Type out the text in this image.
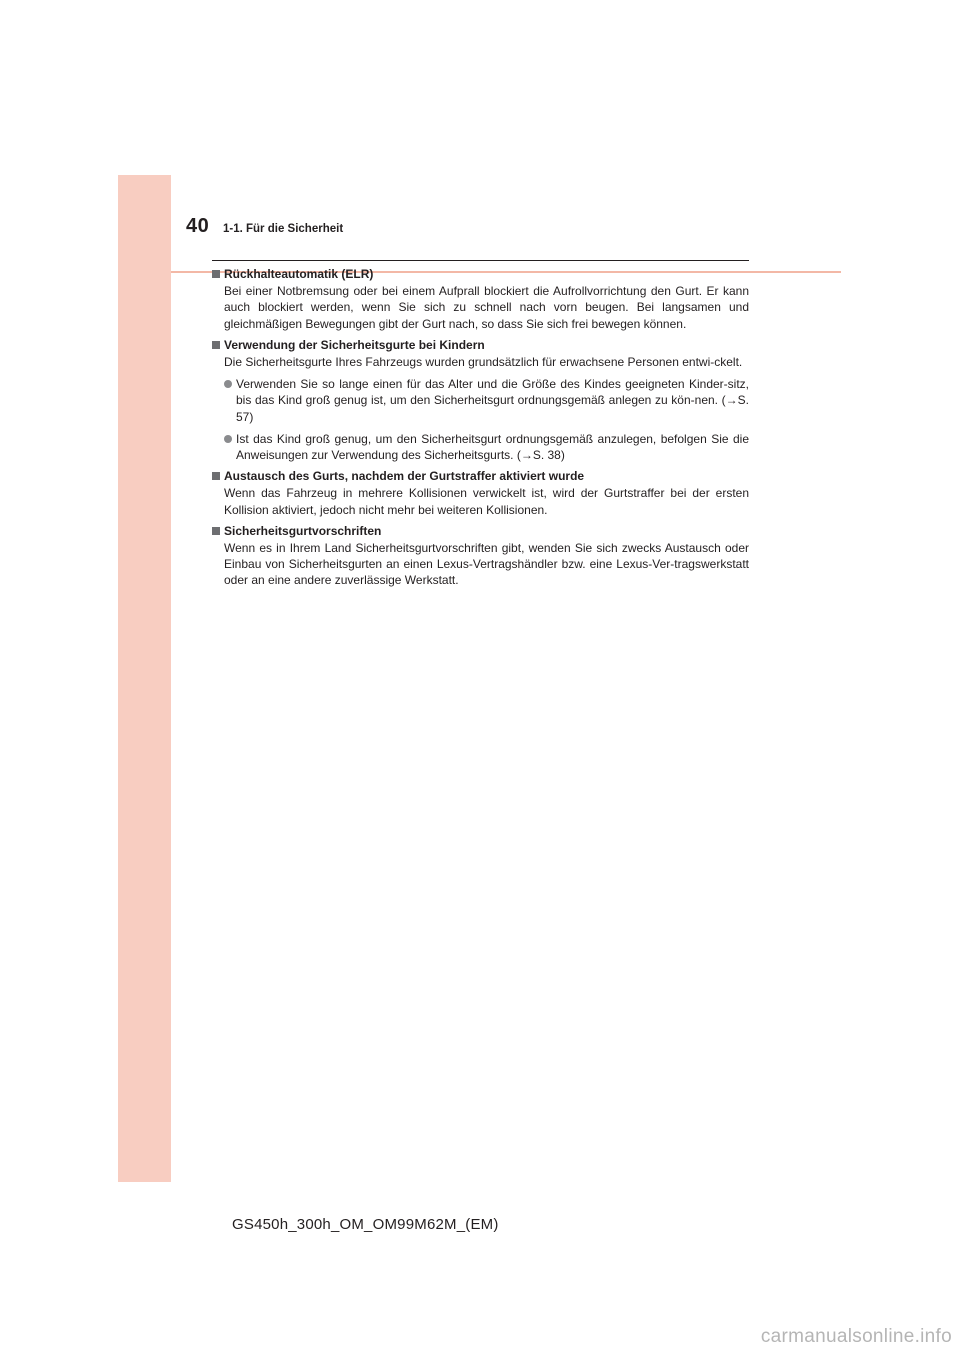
40 1-1. Für die Sicherheit
Rückhalteautomatik (ELR)
Bei einer Notbremsung oder bei einem Aufprall blockiert die Aufrollvorrichtung den Gurt. Er kann auch blockiert werden, wenn Sie sich zu schnell nach vorn beugen. Bei langsamen und gleichmäßigen Bewegungen gibt der Gurt nach, so dass Sie sich frei bewegen können.
Verwendung der Sicherheitsgurte bei Kindern
Die Sicherheitsgurte Ihres Fahrzeugs wurden grundsätzlich für erwachsene Personen entwi-ckelt.
Verwenden Sie so lange einen für das Alter und die Größe des Kindes geeigneten Kinder-sitz, bis das Kind groß genug ist, um den Sicherheitsgurt ordnungsgemäß anlegen zu kön-nen. (→S. 57)
Ist das Kind groß genug, um den Sicherheitsgurt ordnungsgemäß anzulegen, befolgen Sie die Anweisungen zur Verwendung des Sicherheitsgurts. (→S. 38)
Austausch des Gurts, nachdem der Gurtstraffer aktiviert wurde
Wenn das Fahrzeug in mehrere Kollisionen verwickelt ist, wird der Gurtstraffer bei der ersten Kollision aktiviert, jedoch nicht mehr bei weiteren Kollisionen.
Sicherheitsgurtvorschriften
Wenn es in Ihrem Land Sicherheitsgurtvorschriften gibt, wenden Sie sich zwecks Austausch oder Einbau von Sicherheitsgurten an einen Lexus-Vertragshändler bzw. eine Lexus-Ver-tragswerkstatt oder an eine andere zuverlässige Werkstatt.
GS450h_300h_OM_OM99M62M_(EM)
carmanualsonline.info
